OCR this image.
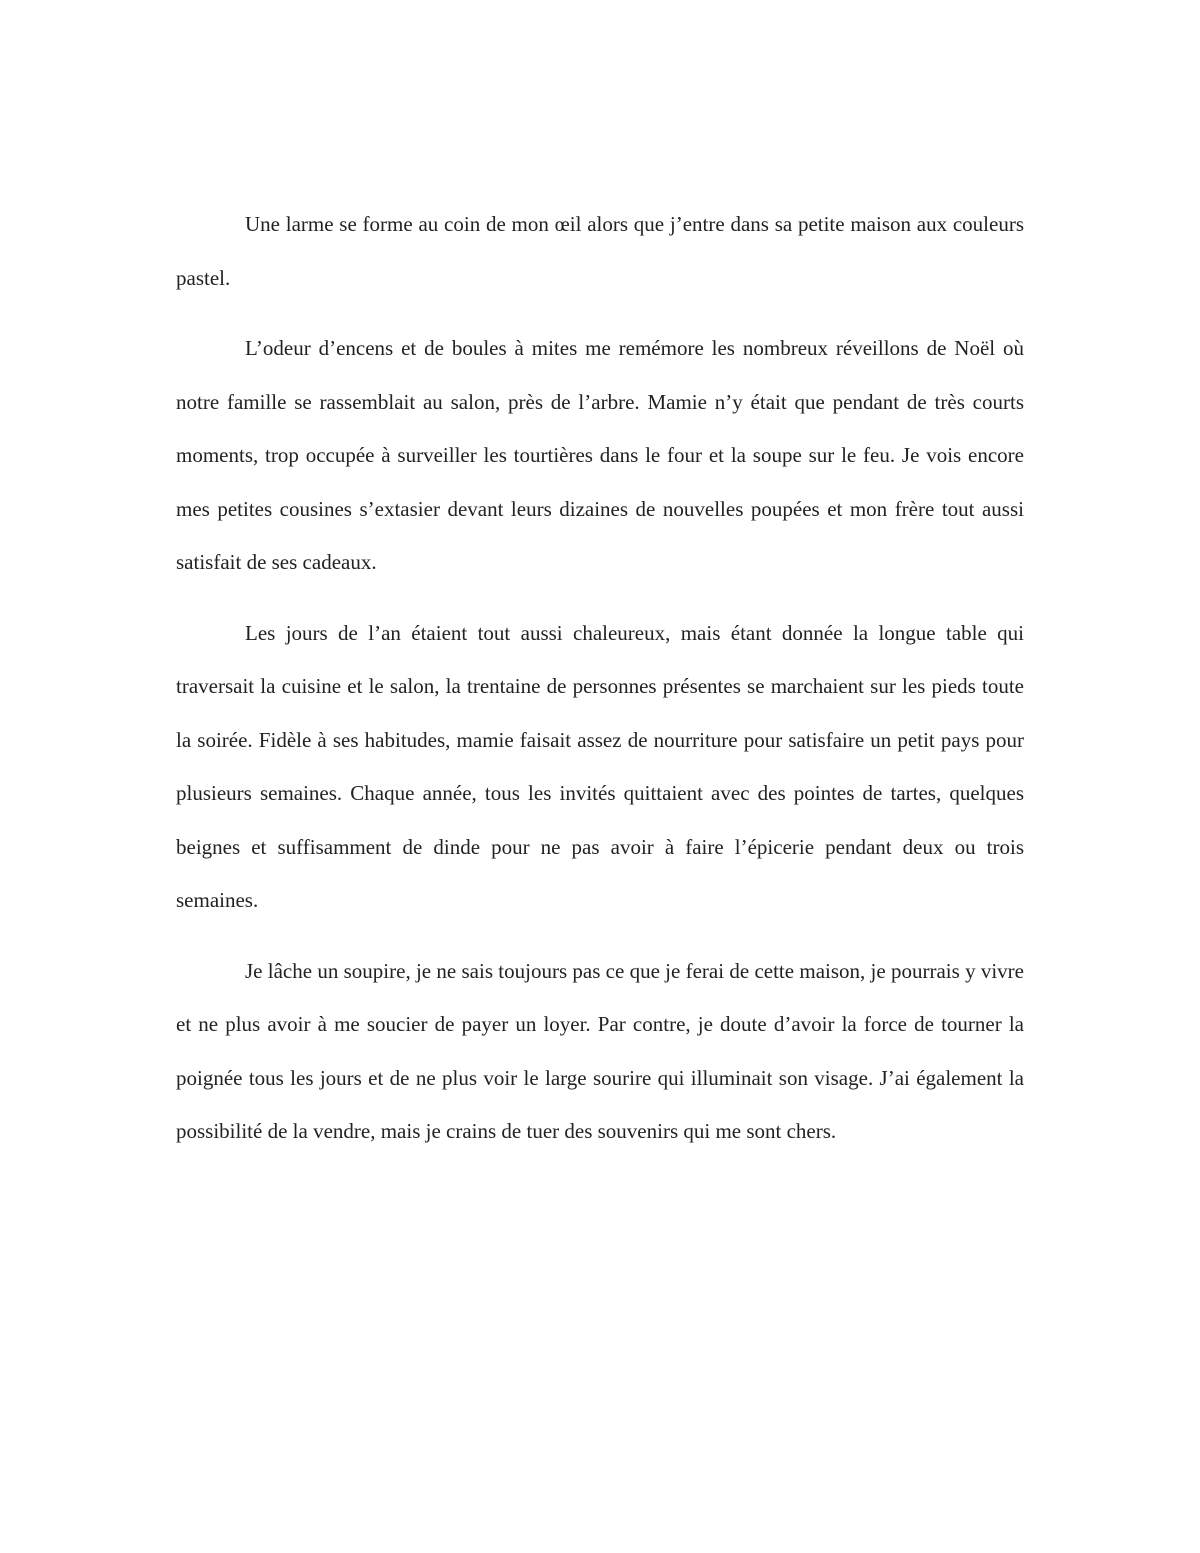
Une larme se forme au coin de mon œil alors que j’entre dans sa petite maison aux couleurs pastel.

L’odeur d’encens et de boules à mites me remémore les nombreux réveillons de Noël où notre famille se rassemblait au salon, près de l’arbre. Mamie n’y était que pendant de très courts moments, trop occupée à surveiller les tourtières dans le four et la soupe sur le feu. Je vois encore mes petites cousines s’extasier devant leurs dizaines de nouvelles poupées et mon frère tout aussi satisfait de ses cadeaux.

Les jours de l’an étaient tout aussi chaleureux, mais étant donnée la longue table qui traversait la cuisine et le salon, la trentaine de personnes présentes se marchaient sur les pieds toute la soirée. Fidèle à ses habitudes, mamie faisait assez de nourriture pour satisfaire un petit pays pour plusieurs semaines. Chaque année, tous les invités quittaient avec des pointes de tartes, quelques beignes et suffisamment de dinde pour ne pas avoir à faire l’épicerie pendant deux ou trois semaines.

Je lâche un soupire, je ne sais toujours pas ce que je ferai de cette maison, je pourrais y vivre et ne plus avoir à me soucier de payer un loyer. Par contre, je doute d’avoir la force de tourner la poignée tous les jours et de ne plus voir le large sourire qui illuminait son visage. J’ai également la possibilité de la vendre, mais je crains de tuer des souvenirs qui me sont chers.
